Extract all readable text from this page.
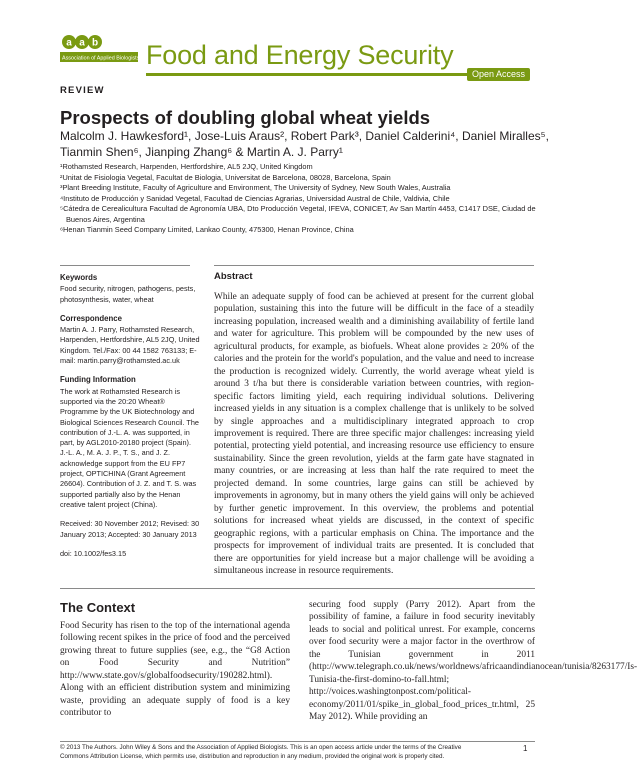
a a b
Association of Applied Biologists Food and Energy Security
Open Access
REVIEW
Prospects of doubling global wheat yields
Malcolm J. Hawkesford¹, Jose-Luis Araus², Robert Park³, Daniel Calderini⁴, Daniel Miralles⁵,
Tianmin Shen⁶, Jianping Zhang⁶ & Martin A. J. Parry¹
¹Rothamsted Research, Harpenden, Hertfordshire, AL5 2JQ, United Kingdom
²Unitat de Fisiologia Vegetal, Facultat de Biologia, Universitat de Barcelona, 08028, Barcelona, Spain
³Plant Breeding Institute, Faculty of Agriculture and Environment, The University of Sydney, New South Wales, Australia
⁴Instituto de Producción y Sanidad Vegetal, Facultad de Ciencias Agrarias, Universidad Austral de Chile, Valdivia, Chile
⁵Cátedra de Cerealicultura Facultad de Agronomía UBA, Dto Producción Vegetal, IFEVA, CONICET, Av San Martín 4453, C1417 DSE, Ciudad de Buenos Aires, Argentina
⁶Henan Tianmin Seed Company Limited, Lankao County, 475300, Henan Province, China
Keywords
Food security, nitrogen, pathogens, pests, photosynthesis, water, wheat
Correspondence
Martin A. J. Parry, Rothamsted Research, Harpenden, Hertfordshire, AL5 2JQ, United Kingdom. Tel./Fax: 00 44 1582 763133; E-mail: martin.parry@rothamsted.ac.uk
Funding Information
The work at Rothamsted Research is supported via the 20:20 Wheat® Programme by the UK Biotechnology and Biological Sciences Research Council. The contribution of J.-L. A. was supported, in part, by AGL2010-20180 project (Spain). J.-L. A., M. A. J. P., T. S., and J. Z. acknowledge support from the EU FP7 project, OPTICHINA (Grant Agreement 26604). Contribution of J. Z. and T. S. was supported partially also by the Henan creative talent project (China).
Received: 30 November 2012; Revised: 30 January 2013; Accepted: 30 January 2013
doi: 10.1002/fes3.15
Abstract
While an adequate supply of food can be achieved at present for the current global population, sustaining this into the future will be difficult in the face of a steadily increasing population, increased wealth and a diminishing availability of fertile land and water for agriculture. This problem will be compounded by the new uses of agricultural products, for example, as biofuels. Wheat alone provides ≥ 20% of the calories and the protein for the world's population, and the value and need to increase the production is recognized widely. Currently, the world average wheat yield is around 3 t/ha but there is considerable variation between countries, with region-specific factors limiting yield, each requiring individual solutions. Delivering increased yields in any situation is a complex challenge that is unlikely to be solved by single approaches and a multidisciplinary integrated approach to crop improvement is required. There are three specific major challenges: increasing yield potential, protecting yield potential, and increasing resource use efficiency to ensure sustainability. Since the green revolution, yields at the farm gate have stagnated in many countries, or are increasing at less than half the rate required to meet the projected demand. In some countries, large gains can still be achieved by improvements in agronomy, but in many others the yield gains will only be achieved by further genetic improvement. In this overview, the problems and potential solutions for increased wheat yields are discussed, in the context of specific geographic regions, with a particular emphasis on China. The importance and the prospects for improvement of individual traits are presented. It is concluded that there are opportunities for yield increase but a major challenge will be avoiding a simultaneous increase in resource requirements.
The Context
Food Security has risen to the top of the international agenda following recent spikes in the price of food and the perceived growing threat to future supplies (see, e.g., the “G8 Action on Food Security and Nutrition” http://www.state.gov/s/globalfoodsecurity/190282.html). Along with an efficient distribution system and minimizing waste, providing an adequate supply of food is a key contributor to
securing food supply (Parry 2012). Apart from the possibility of famine, a failure in food security inevitably leads to social and political unrest. For example, concerns over food security were a major factor in the overthrow of the Tunisian government in 2011 (http://www.telegraph.co.uk/news/worldnews/africaandindianocean/tunisia/8263177/Is-Tunisia-the-first-domino-to-fall.html; http://voices.washingtonpost.com/political-economy/2011/01/spike_in_global_food_prices_tr.html, 25 May 2012). While providing an
© 2013 The Authors. John Wiley & Sons and the Association of Applied Biologists. This is an open access article under the terms of the Creative Commons Attribution License, which permits use, distribution and reproduction in any medium, provided the original work is properly cited.
1
